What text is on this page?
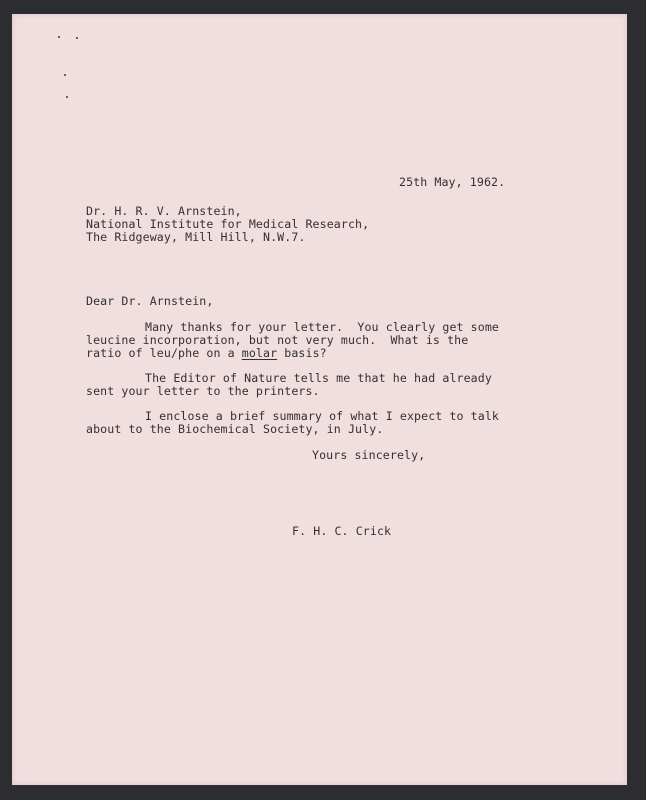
25th May, 1962.
Dr. H. R. V. Arnstein,
National Institute for Medical Research,
The Ridgeway, Mill Hill, N.W.7.
Dear Dr. Arnstein,
Many thanks for your letter.  You clearly get some
leucine incorporation, but not very much.  What is the
ratio of leu/phe on a molar basis?
The Editor of Nature tells me that he had already
sent your letter to the printers.
I enclose a brief summary of what I expect to talk
about to the Biochemical Society, in July.
Yours sincerely,
F. H. C. Crick
